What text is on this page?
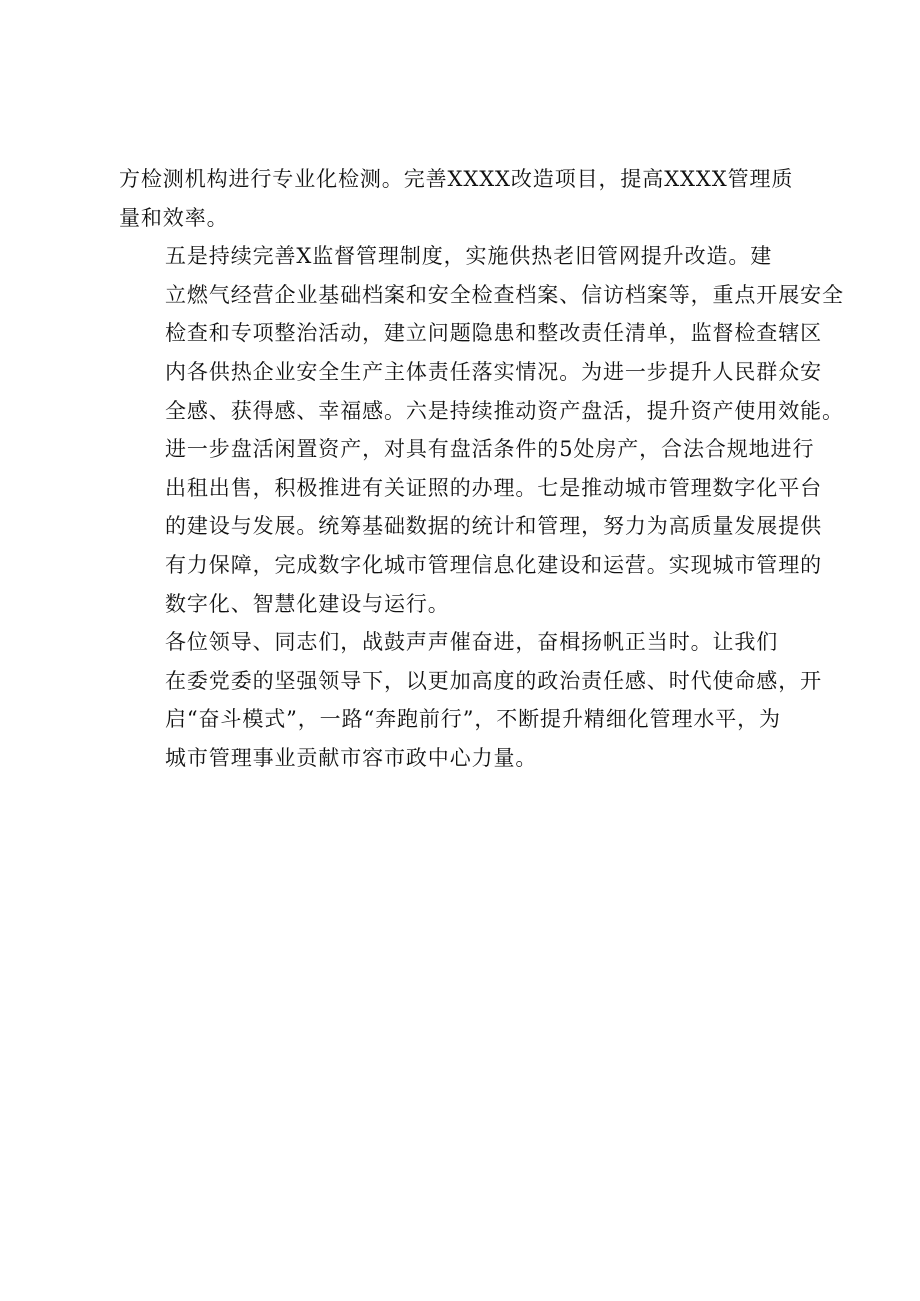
方检测机构进行专业化检测。完善XXXX改造项目，提高XXXX管理质
量和效率。

五是持续完善X监督管理制度，实施供热老旧管网提升改造。建
立燃气经营企业基础档案和安全检查档案、信访档案等，重点开展安全
检查和专项整治活动，建立问题隐患和整改责任清单，监督检查辖区
内各供热企业安全生产主体责任落实情况。为进一步提升人民群众安
全感、获得感、幸福感。六是持续推动资产盘活，提升资产使用效能。
进一步盘活闲置资产，对具有盘活条件的5处房产，合法合规地进行
出租出售，积极推进有关证照的办理。七是推动城市管理数字化平台
的建设与发展。统筹基础数据的统计和管理，努力为高质量发展提供
有力保障，完成数字化城市管理信息化建设和运营。实现城市管理的
数字化、智慧化建设与运行。

各位领导、同志们，战鼓声声催奋进，奋楫扬帆正当时。让我们
在委党委的坚强领导下，以更加高度的政治责任感、时代使命感，开
启“奋斗模式”，一路“奔跑前行”，不断提升精细化管理水平，为
城市管理事业贡献市容市政中心力量。
